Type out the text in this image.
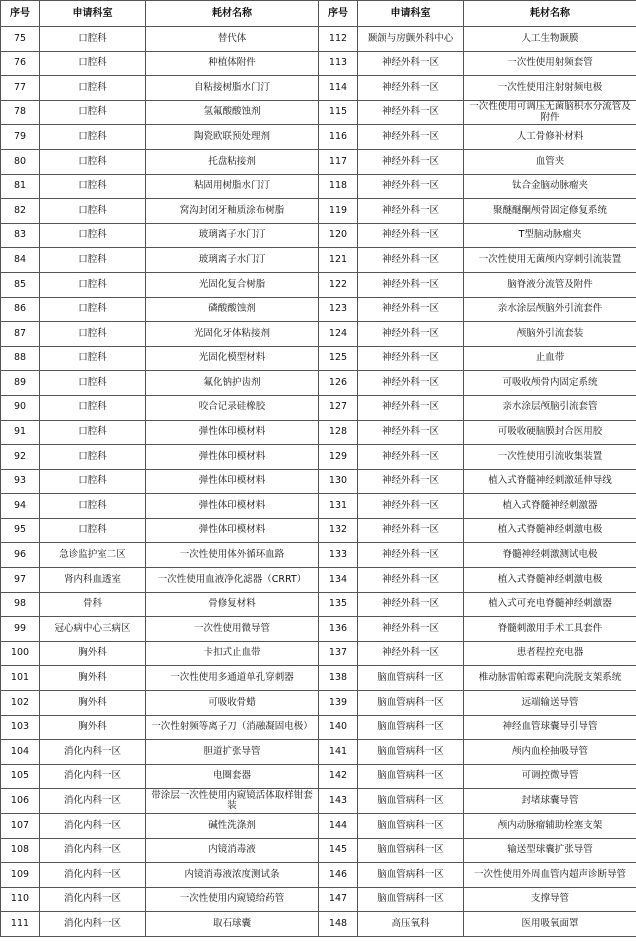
序号	申请科室	耗材名称	序号	申请科室	耗材名称
75	口腔科	替代体	112	颞颌与房颤外科中心	人工生物颞膜
76	口腔科	种植体附件	113	神经外科一区	一次性使用射频套管
77	口腔科	自粘接树脂水门汀	114	神经外科一区	一次性使用注射射频电极
78	口腔科	氢氟酸酸蚀剂	115	神经外科一区	一次性使用可调压无菌脑积水分流管及附件
79	口腔科	陶瓷欧联预处理剂	116	神经外科一区	人工骨修补材料
80	口腔科	托盘粘接剂	117	神经外科一区	血管夹
81	口腔科	粘固用树脂水门汀	118	神经外科一区	钛合金脑动脉瘤夹
82	口腔科	窝沟封闭牙釉质涂布树脂	119	神经外科一区	聚醚醚酮颅骨固定修复系统
83	口腔科	玻璃离子水门汀	120	神经外科一区	T型脑动脉瘤夹
84	口腔科	玻璃离子水门汀	121	神经外科一区	一次性使用无菌颅内穿刺引流装置
85	口腔科	光固化复合树脂	122	神经外科一区	脑脊液分流管及附件
86	口腔科	磷酸酸蚀剂	123	神经外科一区	亲水涂层颅脑外引流套件
87	口腔科	光固化牙体粘接剂	124	神经外科一区	颅脑外引流套装
88	口腔科	光固化模型材料	125	神经外科一区	止血带
89	口腔科	氟化钠护齿剂	126	神经外科一区	可吸收颅骨内固定系统
90	口腔科	咬合记录硅橡胶	127	神经外科一区	亲水涂层颅脑引流套管
91	口腔科	弹性体印模材料	128	神经外科一区	可吸收硬脑膜封合医用胶
92	口腔科	弹性体印模材料	129	神经外科一区	一次性使用引流收集装置
93	口腔科	弹性体印模材料	130	神经外科一区	植入式脊髓神经刺激延伸导线
94	口腔科	弹性体印模材料	131	神经外科一区	植入式脊髓神经刺激器
95	口腔科	弹性体印模材料	132	神经外科一区	植入式脊髓神经刺激电极
96	急诊监护室二区	一次性使用体外循环血路	133	神经外科一区	脊髓神经刺激测试电极
97	肾内科血透室	一次性使用血液净化滤器（CRRT）	134	神经外科一区	植入式脊髓神经刺激电极
98	骨科	骨修复材料	135	神经外科一区	植入式可充电脊髓神经刺激器
99	冠心病中心三病区	一次性使用微导管	136	神经外科一区	脊髓刺激用手术工具套件
100	胸外科	卡扣式止血带	137	神经外科一区	患者程控充电器
101	胸外科	一次性使用多通道单孔穿刺器	138	脑血管病科一区	椎动脉雷帕霉素靶向洗脱支架系统
102	胸外科	可吸收骨蜡	139	脑血管病科一区	远端输送导管
103	胸外科	一次性射频等离子刀（消融凝固电极）	140	脑血管病科一区	神经血管球囊导引导管
104	消化内科一区	胆道扩张导管	141	脑血管病科一区	颅内血栓抽吸导管
105	消化内科一区	电圈套器	142	脑血管病科一区	可调控微导管
106	消化内科一区	带涂层一次性使用内窥镜活体取样钳套装	143	脑血管病科一区	封堵球囊导管
107	消化内科一区	碱性洗涤剂	144	脑血管病科一区	颅内动脉瘤辅助栓塞支架
108	消化内科一区	内镜消毒液	145	脑血管病科一区	输送型球囊扩张导管
109	消化内科一区	内镜消毒液浓度测试条	146	脑血管病科一区	一次性使用外周血管内超声诊断导管
110	消化内科一区	一次性使用内窥镜给药管	147	脑血管病科一区	支撑导管
111	消化内科一区	取石球囊	148	高压氧科	医用吸氧面罩
